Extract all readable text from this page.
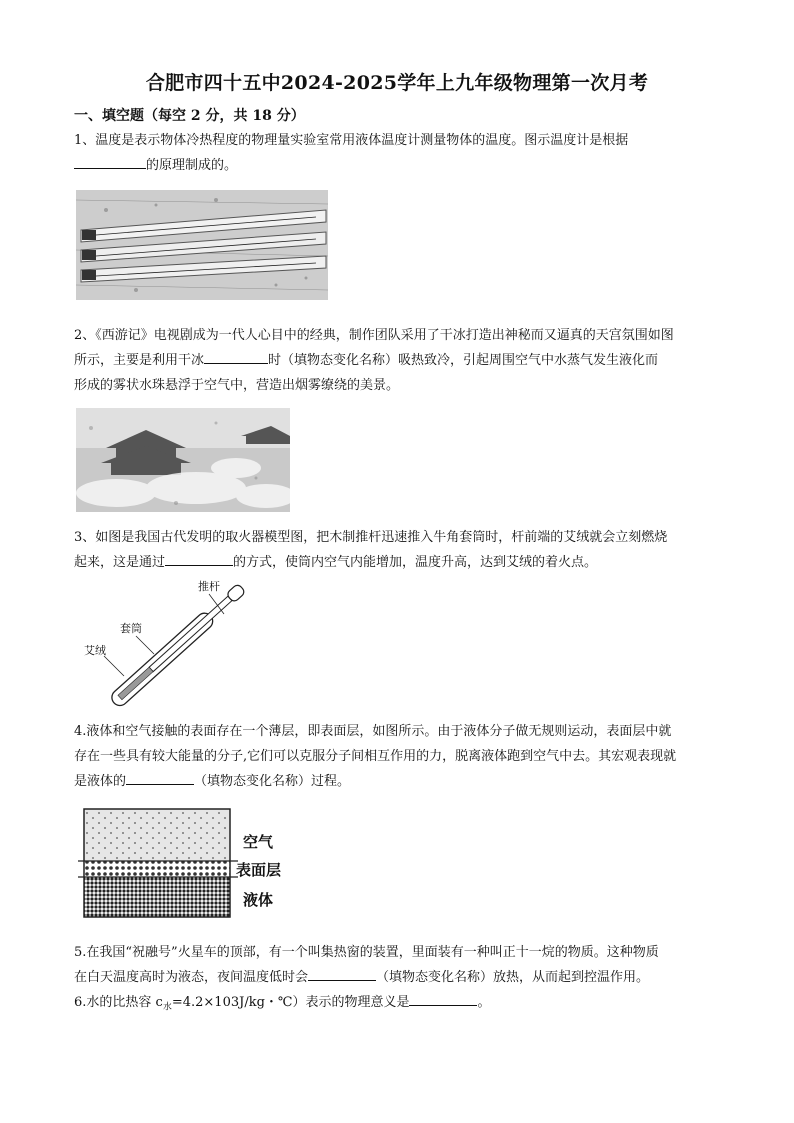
合肥市四十五中2024-2025学年上九年级物理第一次月考
一、填空题（每空 2 分，共 18 分）
1、温度是表示物体冷热程度的物理量实验室常用液体温度计测量物体的温度。图示温度计是根据
的原理制成的。
2、《西游记》电视剧成为一代人心目中的经典，制作团队采用了干冰打造出神秘而又逼真的天宫氛围如图
所示，主要是利用干冰	时（填物态变化名称）吸热致冷，引起周围空气中水蒸气发生液化而
形成的雾状水珠悬浮于空气中，营造出烟雾缭绕的美景。
3、如图是我国古代发明的取火器模型图，把木制推杆迅速推入牛角套筒时，杆前端的艾绒就会立刻燃烧
起来，这是通过	的方式，使筒内空气内能增加，温度升高，达到艾绒的着火点。
推杆
套筒
艾绒
4.液体和空气接触的表面存在一个薄层，即表面层，如图所示。由于液体分子做无规则运动，表面层中就
存在一些具有较大能量的分子,它们可以克服分子间相互作用的力，脱离液体跑到空气中去。其宏观表现就
是液体的	（填物态变化名称）过程。
空气
表面层
液体
5.在我国“祝融号”火星车的顶部，有一个叫集热窗的装置，里面装有一种叫正十一烷的物质。这种物质
在白天温度高时为液态，夜间温度低时会	（填物态变化名称）放热，从而起到控温作用。
6.水的比热容 $c_水=4.2\times 103J/kg$・℃）表示的物理意义是	。
